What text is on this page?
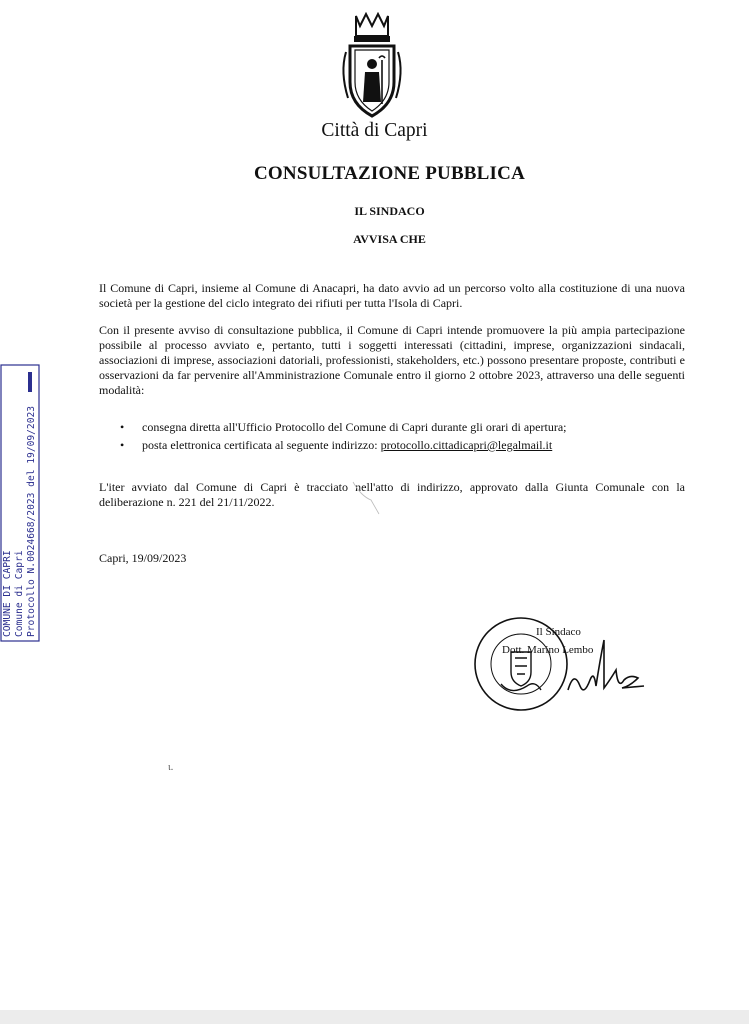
Città di Capri
CONSULTAZIONE PUBBLICA
IL SINDACO
AVVISA CHE

Il Comune di Capri, insieme al Comune di Anacapri, ha dato avvio ad un percorso volto alla costituzione di una nuova società per la gestione del ciclo integrato dei rifiuti per tutta l'Isola di Capri.

Con il presente avviso di consultazione pubblica, il Comune di Capri intende promuovere la più ampia partecipazione possibile al processo avviato e, pertanto, tutti i soggetti interessati (cittadini, imprese, organizzazioni sindacali, associazioni di imprese, associazioni datoriali, professionisti, stakeholders, etc.) possono presentare proposte, contributi e osservazioni da far pervenire all'Amministrazione Comunale entro il giorno 2 ottobre 2023, attraverso una delle seguenti modalità:

• consegna diretta all'Ufficio Protocollo del Comune di Capri durante gli orari di apertura;
• posta elettronica certificata al seguente indirizzo: protocollo.cittadicapri@legalmail.it

L'iter avviato dal Comune di Capri è tracciato nell'atto di indirizzo, approvato dalla Giunta Comunale con la deliberazione n. 221 del 21/11/2022.

Capri, 19/09/2023
COMUNE DI CAPRI Comune di Capri Protocollo N.0024668/2023 del 19/09/2023	Il Sindaco
Dott. Marino Lembo
ι.
